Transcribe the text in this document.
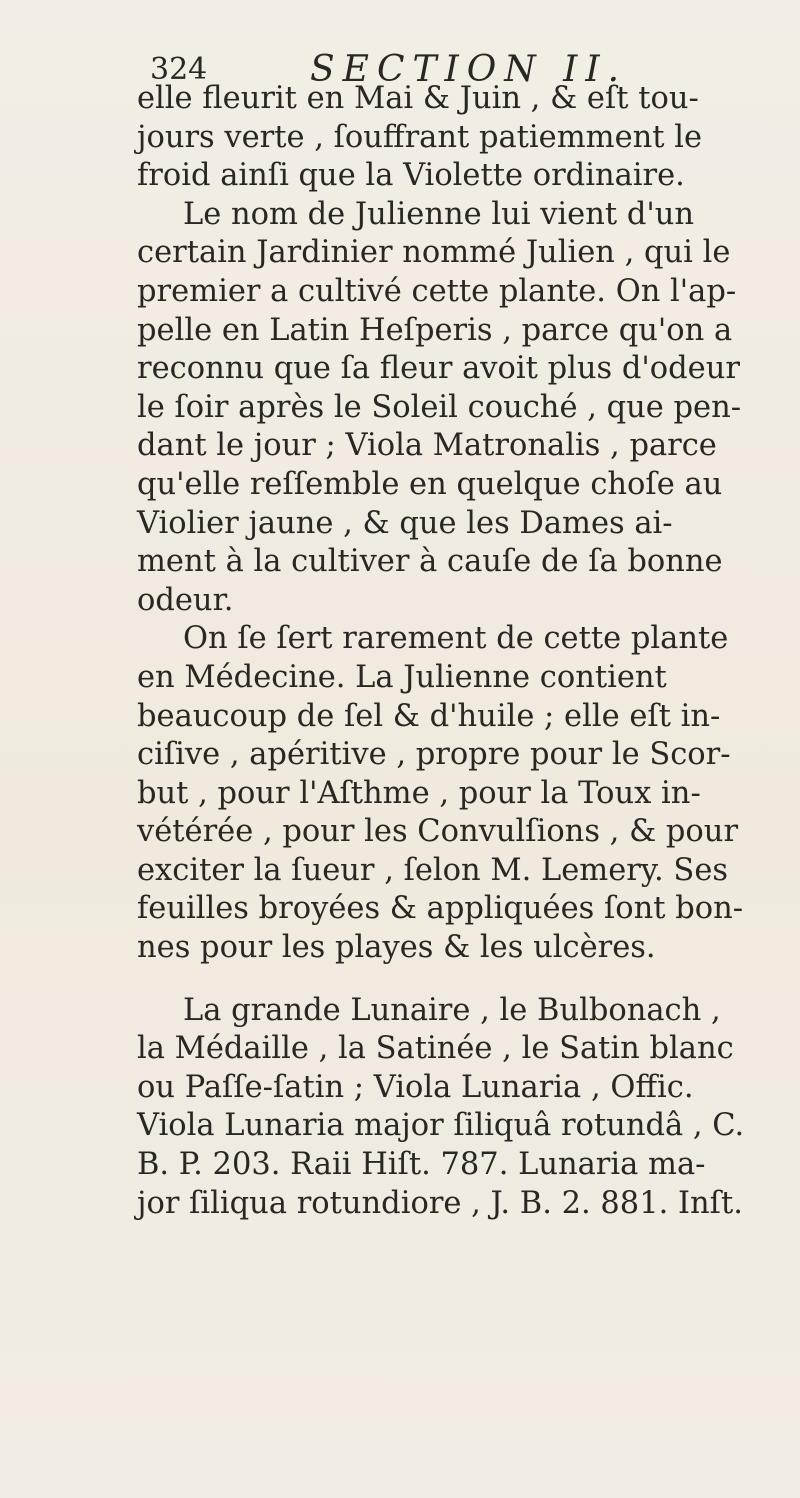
324	SECTION II.
elle fleurit en Mai & Juin , & eſt tou-
jours verte , ſouffrant patiemment le
froid ainſi que la Violette ordinaire.
Le nom de Julienne lui vient d'un
certain Jardinier nommé Julien , qui le
premier a cultivé cette plante. On l'ap-
pelle en Latin Heſperis , parce qu'on a
reconnu que ſa fleur avoit plus d'odeur
le ſoir après le Soleil couché , que pen-
dant le jour ; Viola Matronalis , parce
qu'elle reſſemble en quelque choſe au
Violier jaune , & que les Dames ai-
ment à la cultiver à cauſe de ſa bonne
odeur.
On ſe ſert rarement de cette plante
en Médecine. La Julienne contient
beaucoup de ſel & d'huile ; elle eſt in-
ciſive , apéritive , propre pour le Scor-
but , pour l'Aſthme , pour la Toux in-
vétérée , pour les Convulſions , & pour
exciter la ſueur , ſelon M. Lemery. Ses
feuilles broyées & appliquées ſont bon-
nes pour les playes & les ulcères.
La grande Lunaire , le Bulbonach ,
la Médaille , la Satinée , le Satin blanc
ou Paſſe-ſatin ; Viola Lunaria , Offic.
Viola Lunaria major ſiliquâ rotundâ , C.
B. P. 203. Raii Hiſt. 787. Lunaria ma-
jor ſiliqua rotundiore , J. B. 2. 881. Inſt.
